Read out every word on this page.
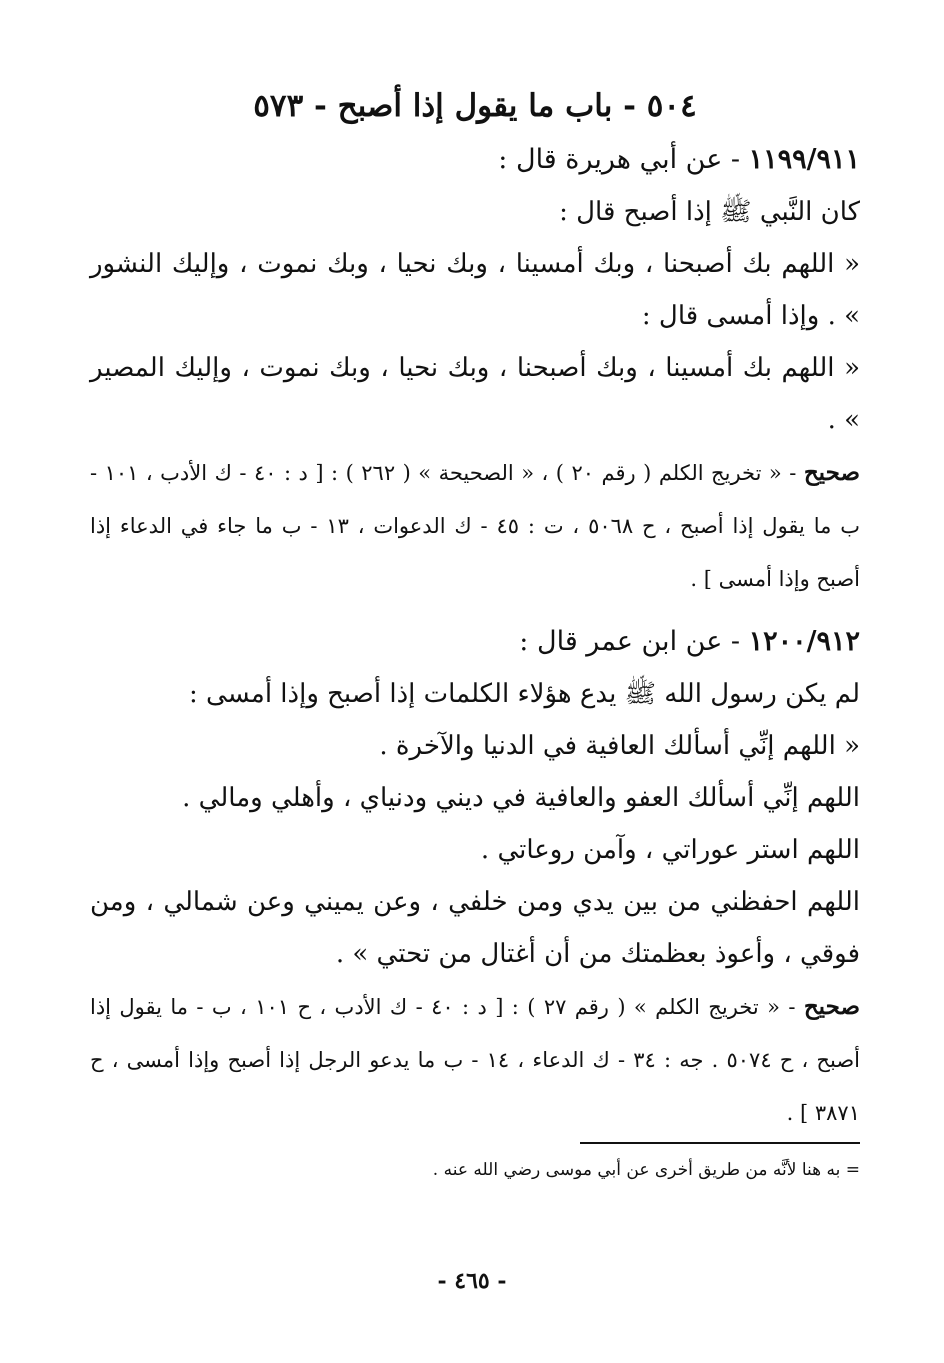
٥٠٤ - باب ما يقول إذا أصبح - ٥٧٣
١١٩٩/٩١١ - عن أبي هريرة قال :

كان النَّبي ﷺ إذا أصبح قال :

« اللهم بك أصبحنا ، وبك أمسينا ، وبك نحيا ، وبك نموت ، وإليك النشور » . وإذا أمسى قال :

« اللهم بك أمسينا ، وبك أصبحنا ، وبك نحيا ، وبك نموت ، وإليك المصير » .

صحيح - « تخريج الكلم ( رقم ٢٠ ) ، « الصحيحة » ( ٢٦٢ ) : [ د : ٤٠ - ك الأدب ، ١٠١ - ب ما يقول إذا أصبح ، ح ٥٠٦٨ ، ت : ٤٥ - ك الدعوات ، ١٣ - ب ما جاء في الدعاء إذا أصبح وإذا أمسى ] .

١٢٠٠/٩١٢ - عن ابن عمر قال :

لم يكن رسول الله ﷺ يدع هؤلاء الكلمات إذا أصبح وإذا أمسى :

« اللهم إنِّي أسألك العافية في الدنيا والآخرة .

اللهم إنِّي أسألك العفو والعافية في ديني ودنياي ، وأهلي ومالي .

اللهم استر عوراتي ، وآمن روعاتي .

اللهم احفظني من بين يدي ومن خلفي ، وعن يميني وعن شمالي ، ومن فوقي ، وأعوذ بعظمتك من أن أغتال من تحتي » .

صحيح - « تخريج الكلم » ( رقم ٢٧ ) : [ د : ٤٠ - ك الأدب ، ح ١٠١ ، ب - ما يقول إذا أصبح ، ح ٥٠٧٤ . جه : ٣٤ - ك الدعاء ، ١٤ - ب ما يدعو الرجل إذا أصبح وإذا أمسى ، ح ٣٨٧١ ] .

= به هنا لأنَّه من طريق أخرى عن أبي موسى رضي الله عنه .

- ٤٦٥ -
